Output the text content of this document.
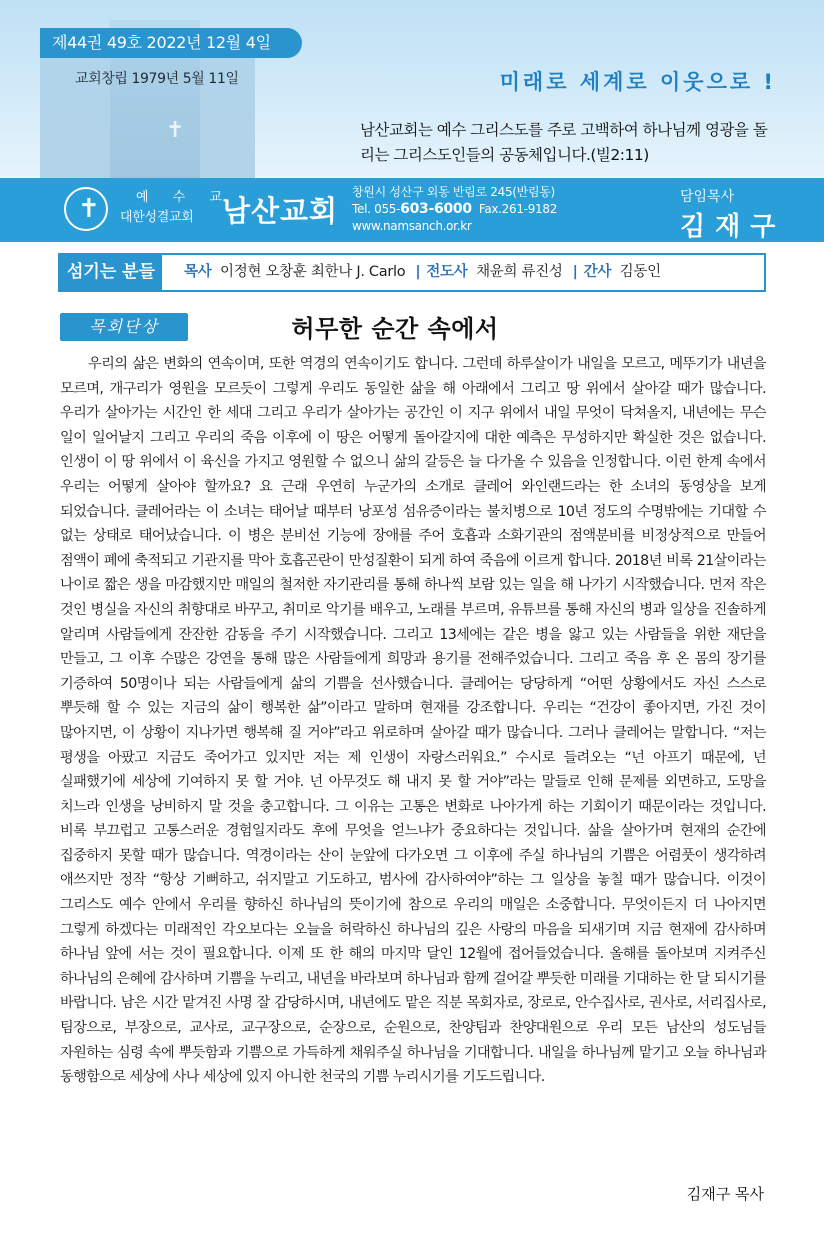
✝
제44권 49호 2022년 12월 4일
교회창립 1979년 5월 11일	미래로 세계로 이웃으로 !
남산교회는 예수 그리스도를 주로 고백하여 하나님께 영광을 돌리는 그리스도인들의 공동체입니다.(빌2:11)
✝	예 수 교
대한성결교회 남산교회
창원시 성산구 외동 반림로 245(반림동)
Tel. 055-603-6000 Fax.261-9182
www.namsanch.or.kr
담임목사
김재구
섬기는 분들	목사 이정현 오창훈 최한나 J. Carlo | 전도사 채윤희 류진성 | 간사 김동인
목회단상	허무한 순간 속에서

우리의 삶은 변화의 연속이며, 또한 역경의 연속이기도 합니다. 그런데 하루살이가 내일을 모르고, 메뚜기가 내년을 모르며, 개구리가 영원을 모르듯이 그렇게 우리도 동일한 삶을 해 아래에서 그리고 땅 위에서 살아갈 때가 많습니다. 우리가 살아가는 시간인 한 세대 그리고 우리가 살아가는 공간인 이 지구 위에서 내일 무엇이 닥쳐올지, 내년에는 무슨 일이 일어날지 그리고 우리의 죽음 이후에 이 땅은 어떻게 돌아갈지에 대한 예측은 무성하지만 확실한 것은 없습니다. 인생이 이 땅 위에서 이 육신을 가지고 영원할 수 없으니 삶의 갈등은 늘 다가올 수 있음을 인정합니다. 이런 한계 속에서 우리는 어떻게 살아야 할까요? 요 근래 우연히 누군가의 소개로 클레어 와인랜드라는 한 소녀의 동영상을 보게 되었습니다. 클레어라는 이 소녀는 태어날 때부터 낭포성 섬유증이라는 불치병으로 10년 정도의 수명밖에는 기대할 수 없는 상태로 태어났습니다. 이 병은 분비선 기능에 장애를 주어 호흡과 소화기관의 점액분비를 비정상적으로 만들어 점액이 폐에 축적되고 기관지를 막아 호흡곤란이 만성질환이 되게 하여 죽음에 이르게 합니다. 2018년 비록 21살이라는 나이로 짧은 생을 마감했지만 매일의 철저한 자기관리를 통해 하나씩 보람 있는 일을 해 나가기 시작했습니다. 먼저 작은 것인 병실을 자신의 취향대로 바꾸고, 취미로 악기를 배우고, 노래를 부르며, 유튜브를 통해 자신의 병과 일상을 진솔하게 알리며 사람들에게 잔잔한 감동을 주기 시작했습니다. 그리고 13세에는 같은 병을 앓고 있는 사람들을 위한 재단을 만들고, 그 이후 수많은 강연을 통해 많은 사람들에게 희망과 용기를 전해주었습니다. 그리고 죽음 후 온 몸의 장기를 기증하여 50명이나 되는 사람들에게 삶의 기쁨을 선사했습니다. 클레어는 당당하게 “어떤 상황에서도 자신 스스로 뿌듯해 할 수 있는 지금의 삶이 행복한 삶”이라고 말하며 현재를 강조합니다. 우리는 “건강이 좋아지면, 가진 것이 많아지면, 이 상황이 지나가면 행복해 질 거야”라고 위로하며 살아갈 때가 많습니다. 그러나 클레어는 말합니다. “저는 평생을 아팠고 지금도 죽어가고 있지만 저는 제 인생이 자랑스러워요.” 수시로 들려오는 “넌 아프기 때문에, 넌 실패했기에 세상에 기여하지 못 할 거야. 넌 아무것도 해 내지 못 할 거야”라는 말들로 인해 문제를 외면하고, 도망을 치느라 인생을 낭비하지 말 것을 충고합니다. 그 이유는 고통은 변화로 나아가게 하는 기회이기 때문이라는 것입니다. 비록 부끄럽고 고통스러운 경험일지라도 후에 무엇을 얻느냐가 중요하다는 것입니다. 삶을 살아가며 현재의 순간에 집중하지 못할 때가 많습니다. 역경이라는 산이 눈앞에 다가오면 그 이후에 주실 하나님의 기쁨은 어렴풋이 생각하려 애쓰지만 정작 “항상 기뻐하고, 쉬지말고 기도하고, 범사에 감사하여야”하는 그 일상을 놓칠 때가 많습니다. 이것이 그리스도 예수 안에서 우리를 향하신 하나님의 뜻이기에 참으로 우리의 매일은 소중합니다. 무엇이든지 더 나아지면 그렇게 하겠다는 미래적인 각오보다는 오늘을 허락하신 하나님의 깊은 사랑의 마음을 되새기며 지금 현재에 감사하며 하나님 앞에 서는 것이 필요합니다. 이제 또 한 해의 마지막 달인 12월에 접어들었습니다. 올해를 돌아보며 지켜주신 하나님의 은혜에 감사하며 기쁨을 누리고, 내년을 바라보며 하나님과 함께 걸어갈 뿌듯한 미래를 기대하는 한 달 되시기를 바랍니다. 남은 시간 맡겨진 사명 잘 감당하시며, 내년에도 맡은 직분 목회자로, 장로로, 안수집사로, 권사로, 서리집사로, 팀장으로, 부장으로, 교사로, 교구장으로, 순장으로, 순원으로, 찬양팀과 찬양대원으로 우리 모든 남산의 성도님들 자원하는 심령 속에 뿌듯함과 기쁨으로 가득하게 채워주실 하나님을 기대합니다. 내일을 하나님께 맡기고 오늘 하나님과 동행함으로 세상에 사나 세상에 있지 아니한 천국의 기쁨 누리시기를 기도드립니다.

김재구 목사
